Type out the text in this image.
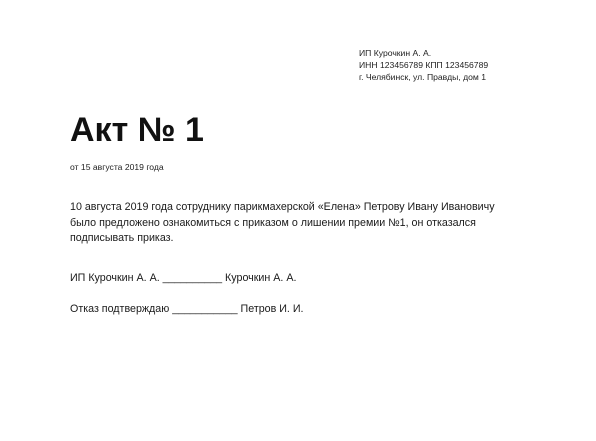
ИП Курочкин А. А.
ИНН 123456789 КПП 123456789
г. Челябинск, ул. Правды, дом 1
Акт № 1
от 15 августа 2019 года
10 августа 2019 года сотруднику парикмахерской «Елена» Петрову Ивану Ивановичу
было предложено ознакомиться с приказом о лишении премии №1, он отказался
подписывать приказ.
ИП Курочкин А. А. __________ Курочкин А. А.
Отказ подтверждаю ___________ Петров И. И.
